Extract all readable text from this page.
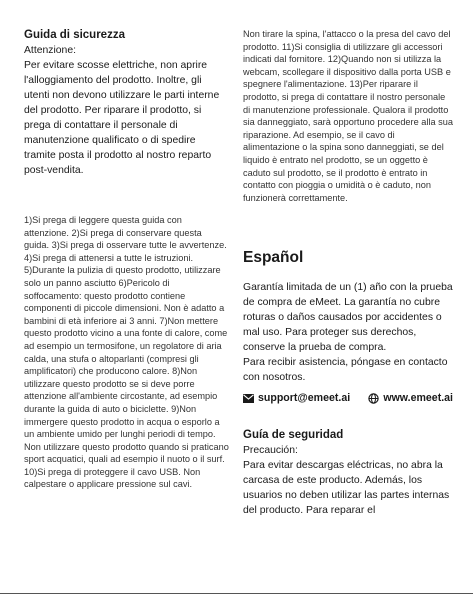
Guida di sicurezza

Attenzione:

Per evitare scosse elettriche, non aprire l'alloggiamento del prodotto. Inoltre, gli utenti non devono utilizzare le parti interne del prodotto. Per riparare il prodotto, si prega di contattare il personale di manutenzione qualificato o di spedire tramite posta il prodotto al nostro reparto post-vendita.

1)Si prega di leggere questa guida con attenzione. 2)Si prega di conservare questa guida. 3)Si prega di osservare tutte le avvertenze. 4)Si prega di attenersi a tutte le istruzioni. 5)Durante la pulizia di questo prodotto, utilizzare solo un panno asciutto 6)Pericolo di soffocamento: questo prodotto contiene componenti di piccole dimensioni. Non è adatto a bambini di età inferiore ai 3 anni. 7)Non mettere questo prodotto vicino a una fonte di calore, come ad esempio un termosifone, un regolatore di aria calda, una stufa o altoparlanti (compresi gli amplificatori) che producono calore. 8)Non utilizzare questo prodotto se si deve porre attenzione all'ambiente circostante, ad esempio durante la guida di auto o biciclette. 9)Non immergere questo prodotto in acqua o esporlo a un ambiente umido per lunghi periodi di tempo. Non utilizzare questo prodotto quando si praticano sport acquatici, quali ad esempio il nuoto o il surf. 10)Si prega di proteggere il cavo USB. Non calpestare o applicare pressione sul cavi.

Non tirare la spina, l'attacco o la presa del cavo del prodotto. 11)Si consiglia di utilizzare gli accessori indicati dal fornitore. 12)Quando non si utilizza la webcam, scollegare il dispositivo dalla porta USB e spegnere l'alimentazione. 13)Per riparare il prodotto, si prega di contattare il nostro personale di manutenzione professionale. Qualora il prodotto sia danneggiato, sarà opportuno procedere alla sua riparazione. Ad esempio, se il cavo di alimentazione o la spina sono danneggiati, se del liquido è entrato nel prodotto, se un oggetto è caduto sul prodotto, se il prodotto è entrato in contatto con pioggia o umidità o è caduto, non funzionerà correttamente.

Español

Garantía limitada de un (1) año con la prueba de compra de eMeet. La garantía no cubre roturas o daños causados por accidentes o mal uso. Para proteger sus derechos, conserve la prueba de compra.

Para recibir asistencia, póngase en contacto con nosotros.

support@emeet.ai	www.emeet.ai

Guía de seguridad

Precaución:

Para evitar descargas eléctricas, no abra la carcasa de este producto. Además, los usuarios no deben utilizar las partes internas del producto. Para reparar el
